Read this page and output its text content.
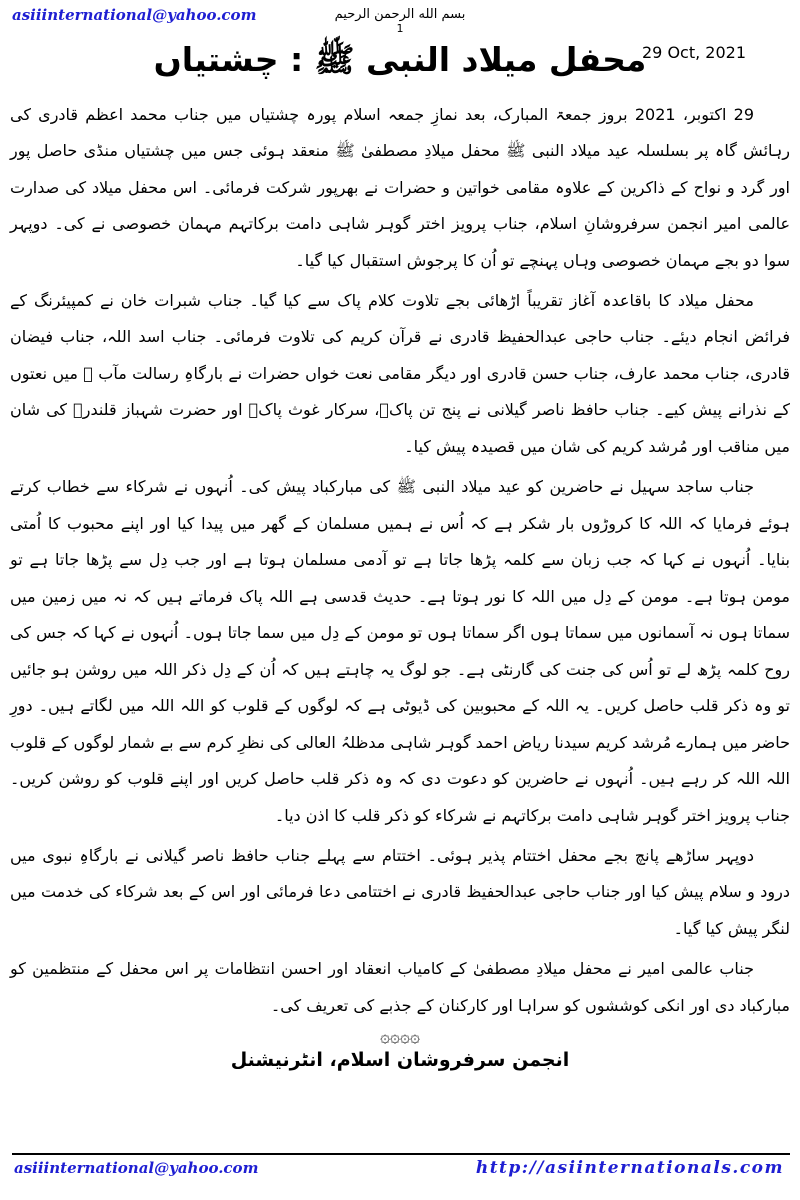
asiiinternational@yahoo.com	بسم الله الرحمن الرحيم
1
29 Oct, 2021
محفل میلاد النبی ﷺ : چشتیاں

29 اکتوبر، 2021 بروز جمعۃ المبارک، بعد نمازِ جمعہ اسلام پورہ چشتیاں میں جناب محمد اعظم قادری کی رہائش گاہ پر بسلسلہ عید میلاد النبی ﷺ محفل میلادِ مصطفیٰ ﷺ منعقد ہوئی جس میں چشتیاں منڈی حاصل پور اور گرد و نواح کے ذاکرین کے علاوہ مقامی خواتین و حضرات نے بھرپور شرکت فرمائی۔ اس محفل میلاد کی صدارت عالمی امیر انجمن سرفروشانِ اسلام، جناب پرویز اختر گوہر شاہی دامت برکاتہم مہمان خصوصی نے کی۔ دوپہر سوا دو بجے مہمان خصوصی وہاں پہنچے تو اُن کا پرجوش استقبال کیا گیا۔

محفل میلاد کا باقاعدہ آغاز تقریباً اڑھائی بجے تلاوت کلام پاک سے کیا گیا۔ جناب شبرات خان نے کمپیئرنگ کے فرائض انجام دیئے۔ جناب حاجی عبدالحفیظ قادری نے قرآن کریم کی تلاوت فرمائی۔ جناب اسد اللہ، جناب فیضان قادری، جناب محمد عارف، جناب حسن قادری اور دیگر مقامی نعت خواں حضرات نے بارگاہِ رسالت مآب ﷺ میں نعتوں کے نذرانے پیش کیے۔ جناب حافظ ناصر گیلانی نے پنج تن پاکؑ، سرکار غوث پاکؒ اور حضرت شہباز قلندرؒ کی شان میں مناقب اور مُرشد کریم کی شان میں قصیدہ پیش کیا۔

جناب ساجد سہیل نے حاضرین کو عید میلاد النبی ﷺ کی مبارکباد پیش کی۔ اُنہوں نے شرکاء سے خطاب کرتے ہوئے فرمایا کہ اللہ کا کروڑوں بار شکر ہے کہ اُس نے ہمیں مسلمان کے گھر میں پیدا کیا اور اپنے محبوب کا اُمتی بنایا۔ اُنہوں نے کہا کہ جب زبان سے کلمہ پڑھا جاتا ہے تو آدمی مسلمان ہوتا ہے اور جب دِل سے پڑھا جاتا ہے تو مومن ہوتا ہے۔ مومن کے دِل میں اللہ کا نور ہوتا ہے۔ حدیث قدسی ہے اللہ پاک فرماتے ہیں کہ نہ میں زمین میں سماتا ہوں نہ آسمانوں میں سماتا ہوں اگر سماتا ہوں تو مومن کے دِل میں سما جاتا ہوں۔ اُنہوں نے کہا کہ جس کی روح کلمہ پڑھ لے تو اُس کی جنت کی گارنٹی ہے۔ جو لوگ یہ چاہتے ہیں کہ اُن کے دِل ذکر اللہ میں روشن ہو جائیں تو وہ ذکر قلب حاصل کریں۔ یہ اللہ کے محبوبین کی ڈیوٹی ہے کہ لوگوں کے قلوب کو اللہ اللہ میں لگاتے ہیں۔ دورِ حاضر میں ہمارے مُرشد کریم سیدنا ریاض احمد گوہر شاہی مدظلہُ العالی کی نظرِ کرم سے بے شمار لوگوں کے قلوب اللہ اللہ کر رہے ہیں۔ اُنہوں نے حاضرین کو دعوت دی کہ وہ ذکر قلب حاصل کریں اور اپنے قلوب کو روشن کریں۔ جناب پرویز اختر گوہر شاہی دامت برکاتہم نے شرکاء کو ذکر قلب کا اذن دیا۔

دوپہر ساڑھے پانچ بجے محفل اختتام پذیر ہوئی۔ اختتام سے پہلے جناب حافظ ناصر گیلانی نے بارگاہِ نبوی میں درود و سلام پیش کیا اور جناب حاجی عبدالحفیظ قادری نے اختتامی دعا فرمائی اور اس کے بعد شرکاء کی خدمت میں لنگر پیش کیا گیا۔

جناب عالمی امیر نے محفل میلادِ مصطفیٰ کے کامیاب انعقاد اور احسن انتظامات پر اس محفل کے منتظمین کو مبارکباد دی اور انکی کوششوں کو سراہا اور کارکنان کے جذبے کی تعریف کی۔

۞۞۞۞
انجمن سرفروشان اسلام، انٹرنیشنل
asiiinternational@yahoo.com	http://asiinternationals.com
